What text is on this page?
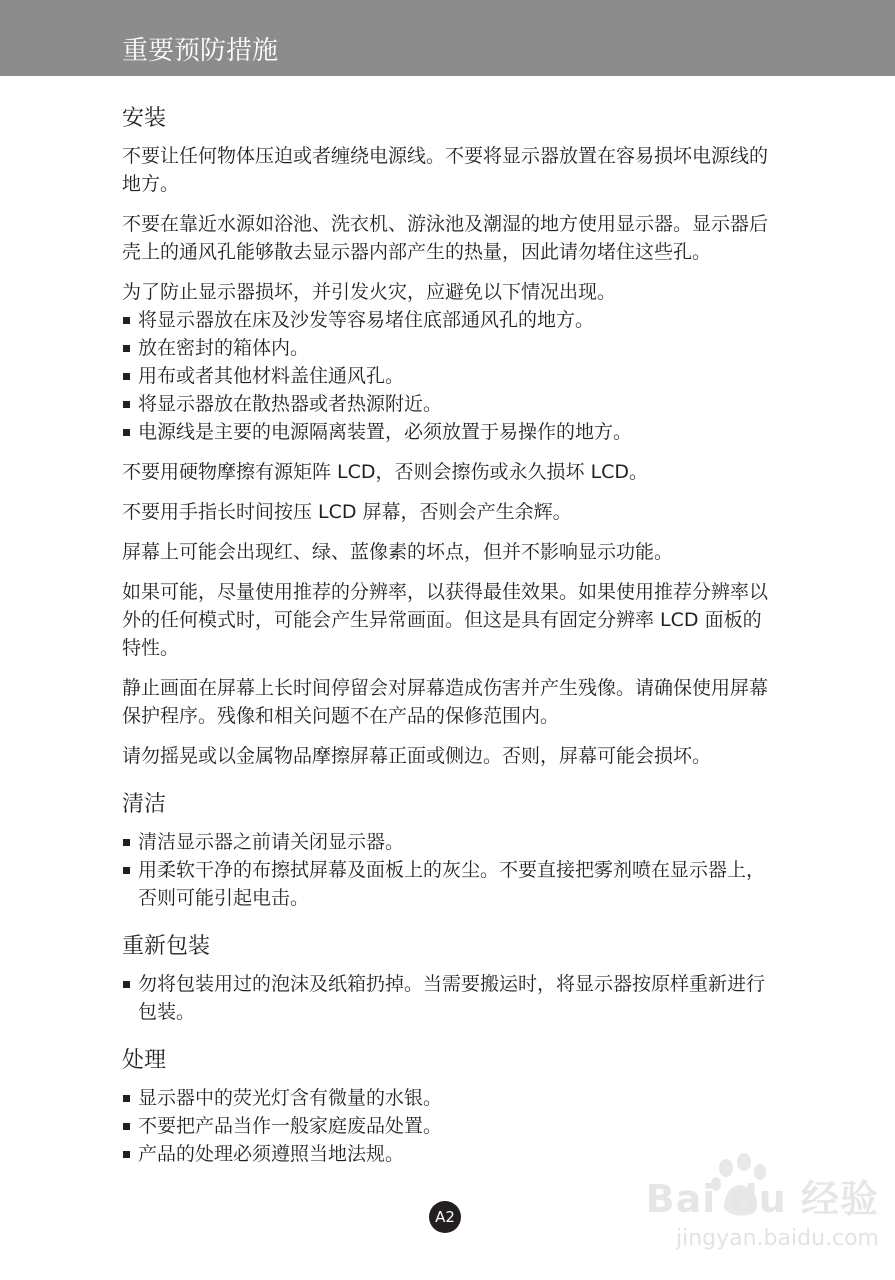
重要预防措施
安装

不要让任何物体压迫或者缠绕电源线。不要将显示器放置在容易损坏电源线的地方。

不要在靠近水源如浴池、洗衣机、游泳池及潮湿的地方使用显示器。显示器后壳上的通风孔能够散去显示器内部产生的热量，因此请勿堵住这些孔。

为了防止显示器损坏，并引发火灾，应避免以下情况出现。

将显示器放在床及沙发等容易堵住底部通风孔的地方。
放在密封的箱体内。
用布或者其他材料盖住通风孔。
将显示器放在散热器或者热源附近。
电源线是主要的电源隔离装置，必须放置于易操作的地方。

不要用硬物摩擦有源矩阵 LCD，否则会擦伤或永久损坏 LCD。

不要用手指长时间按压 LCD 屏幕，否则会产生余辉。

屏幕上可能会出现红、绿、蓝像素的坏点，但并不影响显示功能。

如果可能，尽量使用推荐的分辨率，以获得最佳效果。如果使用推荐分辨率以外的任何模式时，可能会产生异常画面。但这是具有固定分辨率 LCD 面板的特性。

静止画面在屏幕上长时间停留会对屏幕造成伤害并产生残像。请确保使用屏幕保护程序。残像和相关问题不在产品的保修范围内。

请勿摇晃或以金属物品摩擦屏幕正面或侧边。否则，屏幕可能会损坏。

清洁
清洁显示器之前请关闭显示器。
用柔软干净的布擦拭屏幕及面板上的灰尘。不要直接把雾剂喷在显示器上，否则可能引起电击。
重新包装
勿将包装用过的泡沫及纸箱扔掉。当需要搬运时，将显示器按原样重新进行包装。
处理
显示器中的荧光灯含有微量的水银。
不要把产品当作一般家庭废品处置。
产品的处理必须遵照当地法规。
A2	Bai du 经验
jingyan.baidu.com
